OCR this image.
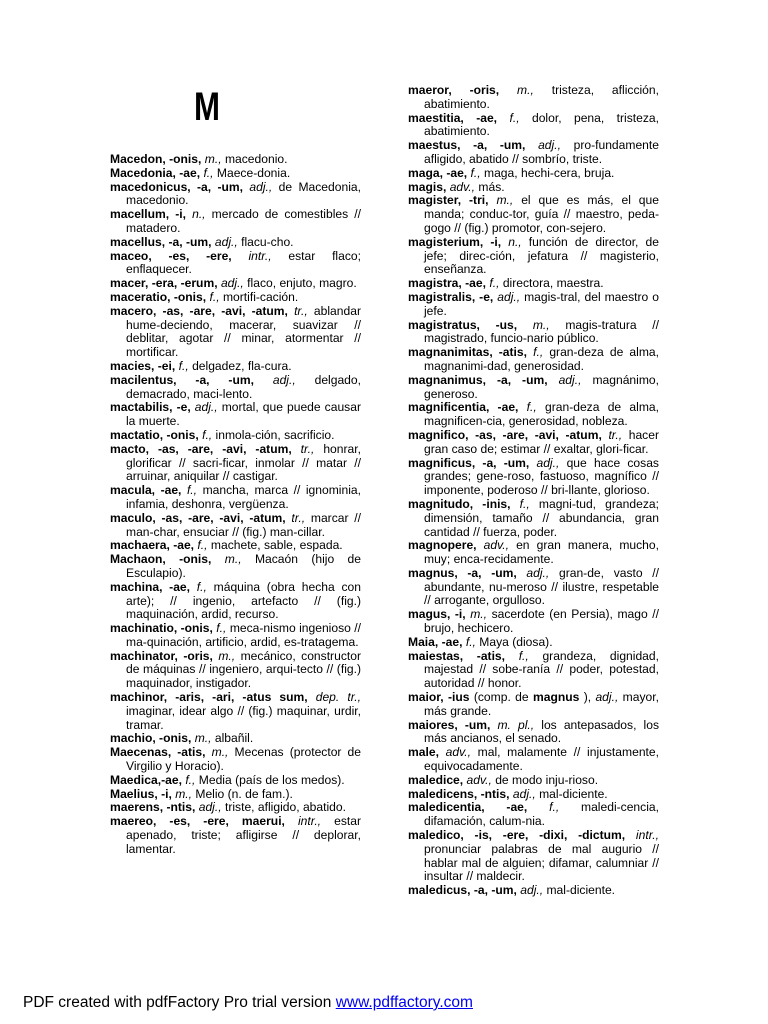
M

Macedon, -onis, m., macedonio.

Macedonia, -ae, f., Maece-donia.

macedonicus, -a, -um, adj., de Macedonia, macedonio.

macellum, -i, n., mercado de comestibles // matadero.

macellus, -a, -um, adj., flacu-cho.

maceo, -es, -ere, intr., estar flaco; enflaquecer.

macer, -era, -erum, adj., flaco, enjuto, magro.

maceratio, -onis, f., mortifi-cación.

macero, -as, -are, -avi, -atum, tr., ablandar hume-deciendo, macerar, suavizar // deblitar, agotar // minar, atormentar // mortificar.

macies, -ei, f., delgadez, fla-cura.

macilentus, -a, -um, adj., delgado, demacrado, maci-lento.

mactabilis, -e, adj., mortal, que puede causar la muerte.

mactatio, -onis, f., inmola-ción, sacrificio.

macto, -as, -are, -avi, -atum, tr., honrar, glorificar // sacri-ficar, inmolar // matar // arruinar, aniquilar // castigar.

macula, -ae, f., mancha, marca // ignominia, infamia, deshonra, vergüenza.

maculo, -as, -are, -avi, -atum, tr., marcar // man-char, ensuciar // (fig.) man-cillar.

machaera, -ae, f., machete, sable, espada.

Machaon, -onis, m., Macaón (hijo de Esculapio).

machina, -ae, f., máquina (obra hecha con arte); // ingenio, artefacto // (fig.) maquinación, ardid, recurso.

machinatio, -onis, f., meca-nismo ingenioso // ma-quinación, artificio, ardid, es-tratagema.

machinator, -oris, m., mecánico, constructor de máquinas // ingeniero, arqui-tecto // (fig.) maquinador, instigador.

machinor, -aris, -ari, -atus sum, dep. tr., imaginar, idear algo // (fig.) maquinar, urdir, tramar.

machio, -onis, m., albañil.

Maecenas, -atis, m., Mecenas (protector de Virgilio y Horacio).

Maedica,-ae, f., Media (país de los medos).

Maelius, -i, m., Melio (n. de fam.).

maerens, -ntis, adj., triste, afligido, abatido.

maereo, -es, -ere, maerui, intr., estar apenado, triste; afligirse // deplorar, lamentar.

maeror, -oris, m., tristeza, aflicción, abatimiento.

maestitia, -ae, f., dolor, pena, tristeza, abatimiento.

maestus, -a, -um, adj., pro-fundamente afligido, abatido // sombrío, triste.

maga, -ae, f., maga, hechi-cera, bruja.

magis, adv., más.

magister, -tri, m., el que es más, el que manda; conduc-tor, guía // maestro, peda-gogo // (fig.) promotor, con-sejero.

magisterium, -i, n., función de director, de jefe; direc-ción, jefatura // magisterio, enseñanza.

magistra, -ae, f., directora, maestra.

magistralis, -e, adj., magis-tral, del maestro o jefe.

magistratus, -us, m., magis-tratura // magistrado, funcio-nario público.

magnanimitas, -atis, f., gran-deza de alma, magnanimi-dad, generosidad.

magnanimus, -a, -um, adj., magnánimo, generoso.

magnificentia, -ae, f., gran-deza de alma, magnificen-cia, generosidad, nobleza.

magnifico, -as, -are, -avi, -atum, tr., hacer gran caso de; estimar // exaltar, glori-ficar.

magnificus, -a, -um, adj., que hace cosas grandes; gene-roso, fastuoso, magnífico // imponente, poderoso // bri-llante, glorioso.

magnitudo, -inis, f., magni-tud, grandeza; dimensión, tamaño // abundancia, gran cantidad // fuerza, poder.

magnopere, adv., en gran manera, mucho, muy; enca-recidamente.

magnus, -a, -um, adj., gran-de, vasto // abundante, nu-meroso // ilustre, respetable // arrogante, orgulloso.

magus, -i, m., sacerdote (en Persia), mago // brujo, hechicero.

Maia, -ae, f., Maya (diosa).

maiestas, -atis, f., grandeza, dignidad, majestad // sobe-ranía // poder, potestad, autoridad // honor.

maior, -ius (comp. de magnus ), adj., mayor, más grande.

maiores, -um, m. pl., los antepasados, los más ancianos, el senado.

male, adv., mal, malamente // injustamente, equivocadamente.

maledice, adv., de modo inju-rioso.

maledicens, -ntis, adj., mal-diciente.

maledicentia, -ae, f., maledi-cencia, difamación, calum-nia.

maledico, -is, -ere, -dixi, -dictum, intr., pronunciar palabras de mal augurio // hablar mal de alguien; difamar, calumniar // insultar // maldecir.

maledicus, -a, -um, adj., mal-diciente.

PDF created with pdfFactory Pro trial version www.pdffactory.com
